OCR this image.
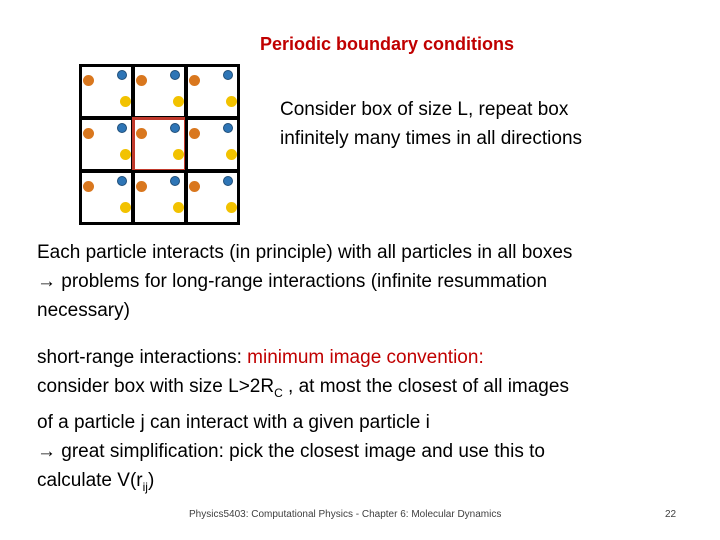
Periodic boundary conditions
Consider box of size L, repeat box infinitely many times in all directions
Each particle interacts (in principle) with all particles in all boxes
→ problems for long-range interactions (infinite resummation
necessary)
short-range interactions: minimum image convention:
consider box with size $L>2R_C$ , at most the closest of all images
of a particle j can interact with a given particle i
→ great simplification: pick the closest image and use this to
calculate $V(r_{ij})$
Physics5403: Computational Physics - Chapter 6: Molecular Dynamics	22
